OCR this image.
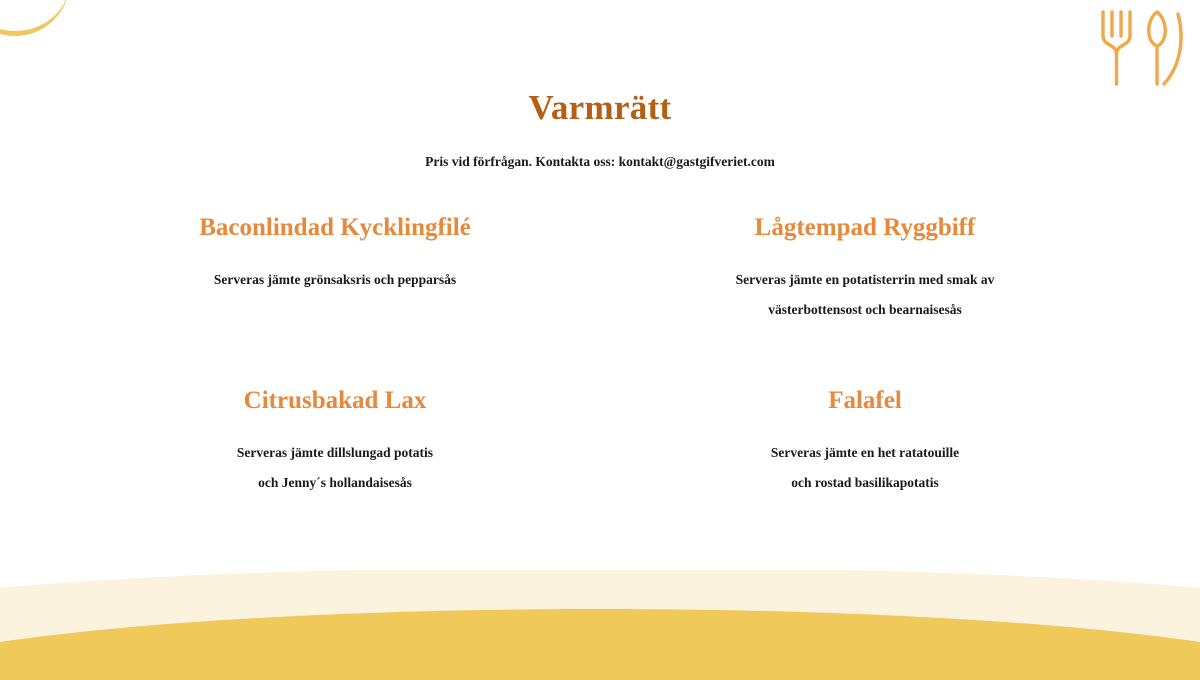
Varmrätt

Pris vid förfrågan. Kontakta oss: kontakt@gastgifveriet.com

Baconlindad Kycklingfilé
Serveras jämte grönsaksris och pepparsås
Lågtempad Ryggbiff
Serveras jämte en potatisterrin med smak av
västerbottensost och bearnaisesås
Citrusbakad Lax
Serveras jämte dillslungad potatis
och Jenny´s hollandaisesås
Falafel
Serveras jämte en het ratatouille
och rostad basilikapotatis
